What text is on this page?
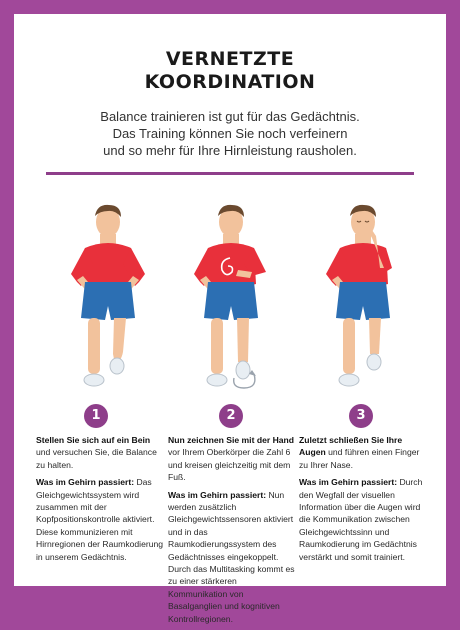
VERNETZTE
KOORDINATION
Balance trainieren ist gut für das Gedächtnis.
Das Training können Sie noch verfeinern
und so mehr für Ihre Hirnleistung rausholen.
1	2	3

Stellen Sie sich auf ein Bein und versuchen Sie, die Balance zu halten.

Was im Gehirn passiert: Das Gleichgewichtssystem wird zusammen mit der Kopfpositionskontrolle aktiviert. Diese kommunizieren mit Hirnregionen der Raumkodierung in unserem Gedächtnis.

Nun zeichnen Sie mit der Hand vor Ihrem Oberkörper die Zahl 6 und kreisen gleichzeitig mit dem Fuß.

Was im Gehirn passiert: Nun werden zusätzlich Gleichgewichtssensoren aktiviert und in das Raumkodierungssystem des Gedächtnisses eingekoppelt. Durch das Multitasking kommt es zu einer stärkeren Kommunikation von Basalganglien und kognitiven Kontrollregionen.

Zuletzt schließen Sie Ihre Augen und führen einen Finger zu Ihrer Nase.

Was im Gehirn passiert: Durch den Wegfall der visuellen Information über die Augen wird die Kommunikation zwischen Gleichgewichtssinn und Raumkodierung im Gedächtnis verstärkt und somit trainiert.
